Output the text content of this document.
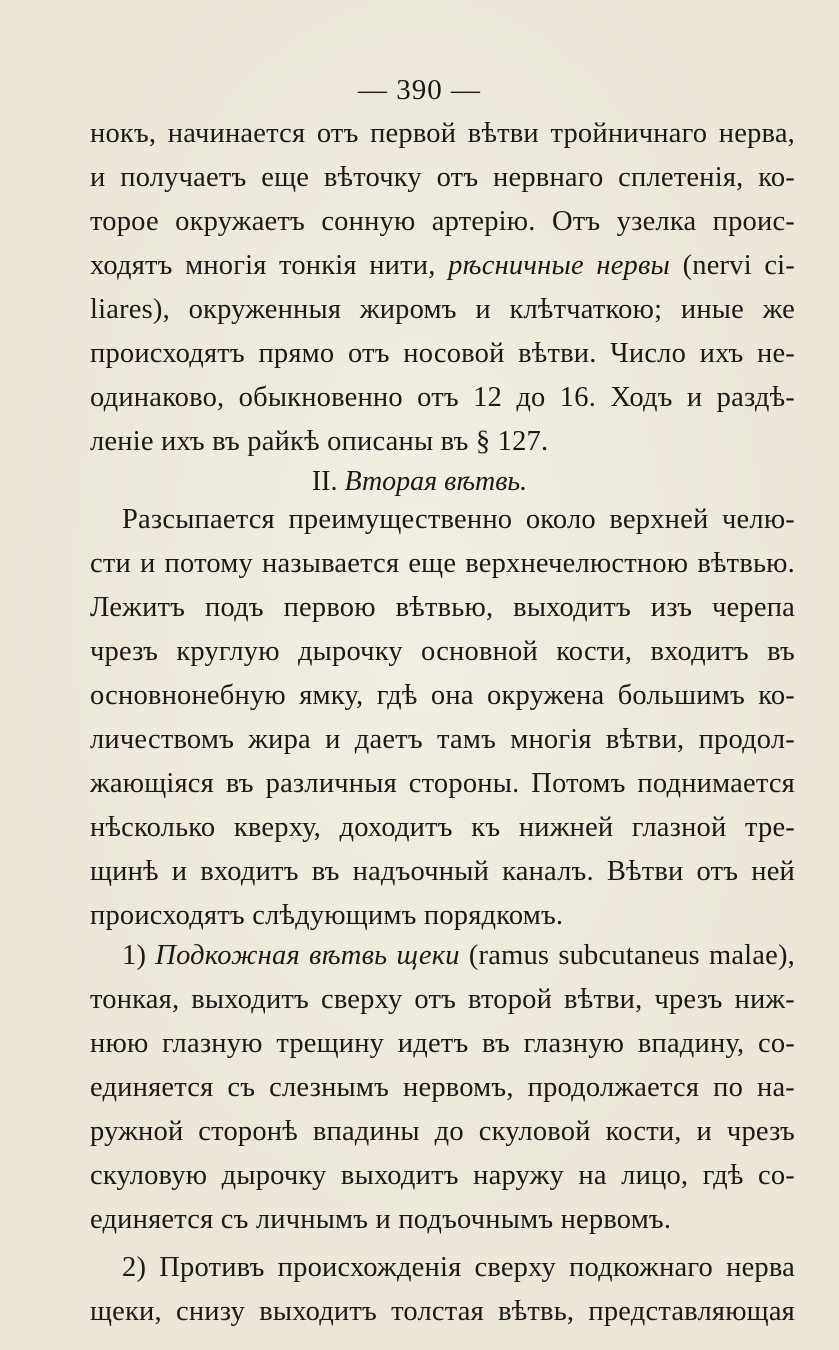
— 390 —
II. Вторая вѣтвь.
нокъ, начинается отъ первой вѣтви тройничнаго нерва,
и получаетъ еще вѣточку отъ нервнаго сплетенія, ко-
торое окружаетъ сонную артерію. Отъ узелка проис-
ходятъ многія тонкія нити, рѣсничные нервы (nervi ci-
liares), окруженныя жиромъ и клѣтчаткою; иные же
происходятъ прямо отъ носовой вѣтви. Число ихъ не-
одинаково, обыкновенно отъ 12 до 16. Ходъ и раздѣ-
леніе ихъ въ райкѣ описаны въ § 127.
Разсыпается преимущественно около верхней челю-
сти и потому называется еще верхнечелюстною вѣтвью.
Лежитъ подъ первою вѣтвью, выходитъ изъ черепа
чрезъ круглую дырочку основной кости, входитъ въ
основнонебную ямку, гдѣ она окружена большимъ ко-
личествомъ жира и даетъ тамъ многія вѣтви, продол-
жающіяся въ различныя стороны. Потомъ поднимается
нѣсколько кверху, доходитъ къ нижней глазной тре-
щинѣ и входитъ въ надъочный каналъ. Вѣтви отъ ней
происходятъ слѣдующимъ порядкомъ.
1) Подкожная вѣтвь щеки (ramus subcutaneus malae),
тонкая, выходитъ сверху отъ второй вѣтви, чрезъ ниж-
нюю глазную трещину идетъ въ глазную впадину, со-
единяется съ слезнымъ нервомъ, продолжается по на-
ружной сторонѣ впадины до скуловой кости, и чрезъ
скуловую дырочку выходитъ наружу на лицо, гдѣ со-
единяется съ личнымъ и подъочнымъ нервомъ.
2) Противъ происхожденія сверху подкожнаго нерва
щеки, снизу выходитъ толстая вѣтвь, представляющая
